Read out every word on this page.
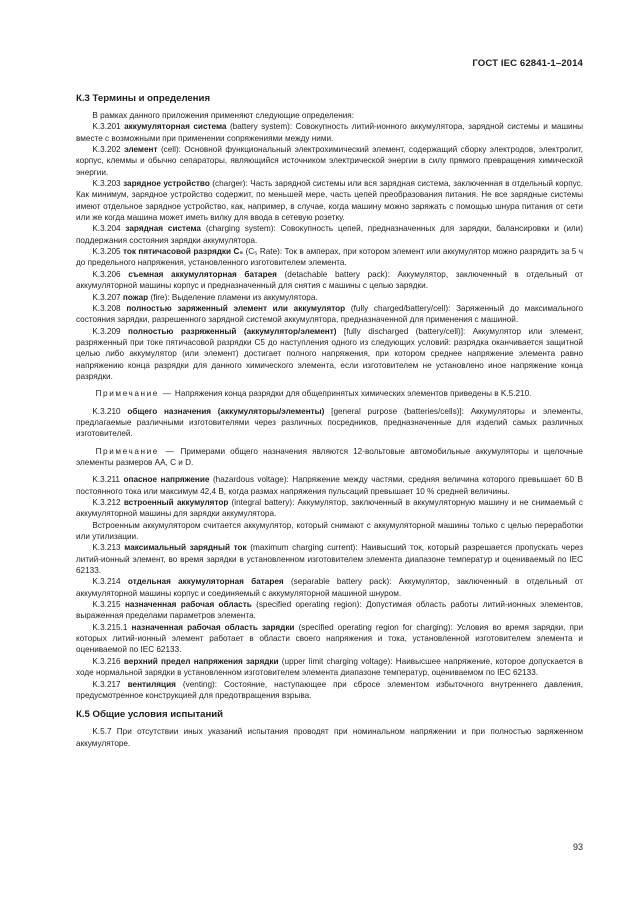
ГОСТ IEC 62841-1–2014
К.3 Термины и определения

  В рамках данного приложения применяют следующие определения:

  K.3.201 аккумуляторная система (battery system): Совокупность литий-ионного аккумулятора, зарядной системы и машины вместе с возможными при применении сопряжениями между ними.

  K.3.202 элемент (cell): Основной функциональный электрохимический элемент, содержащий сборку электродов, электролит, корпус, клеммы и обычно сепараторы, являющийся источником электрической энергии в силу прямого превращения химической энергии.

  K.3.203 зарядное устройство (charger): Часть зарядной системы или вся зарядная система, заключенная в отдельный корпус. Как минимум, зарядное устройство содержит, по меньшей мере, часть цепей преобразования питания. Не все зарядные системы имеют отдельное зарядное устройство, как, например, в случае, когда машину можно заряжать с помощью шнура питания от сети или же когда машина может иметь вилку для ввода в сетевую розетку.

  K.3.204 зарядная система (charging system): Совокупность цепей, предназначенных для зарядки, балансировки и (или) поддержания состояния зарядки аккумулятора.

  K.3.205 ток пятичасовой разрядки C₅ (C₅ Rate): Ток в амперах, при котором элемент или аккумулятор можно разрядить за 5 ч до предельного напряжения, установленного изготовителем элемента.

  K.3.206 съемная аккумуляторная батарея (detachable battery pack): Аккумулятор, заключенный в отдельный от аккумуляторной машины корпус и предназначенный для снятия с машины с целью зарядки.

  K.3.207 пожар (fire): Выделение пламени из аккумулятора.

  K.3.208 полностью заряженный элемент или аккумулятор (fully charged/battery/cell): Заряженный до максимального состояния зарядки, разрешенного зарядной системой аккумулятора, предназначенной для применения с машиной.

  K.3.209 полностью разряженный (аккумулятор/элемент) [fully discharged (battery/cell)]: Аккумулятор или элемент, разряженный при токе пятичасовой разрядки C5 до наступления одного из следующих условий: разрядка оканчивается защитной целью либо аккумулятор (или элемент) достигает полного напряжения, при котором среднее напряжение элемента равно напряжению конца разрядки для данного химического элемента, если изготовителем не установлено иное напряжение конца разрядки.

  Примечание — Напряжения конца разрядки для общепринятых химических элементов приведены в K.5.210.

  K.3.210 общего назначения (аккумуляторы/элементы) [general purpose (batteries/cells)]: Аккумуляторы и элементы, предлагаемые различными изготовителями через различных посредников, предназначенные для изделий самых различных изготовителей.

  Примечание — Примерами общего назначения являются 12-вольтовые автомобильные аккумуляторы и щелочные элементы размеров АА, С и D.

  K.3.211 опасное напряжение (hazardous voltage): Напряжение между частями, средняя величина которого превышает 60 В постоянного тока или максимум 42,4 В, когда размах напряжения пульсаций превышает 10 % средней величины.

  K.3.212 встроенный аккумулятор (integral battery): Аккумулятор, заключенный в аккумуляторную машину и не снимаемый с аккумуляторной машины для зарядки аккумулятора.

  Встроенным аккумулятором считается аккумулятор, который снимают с аккумуляторной машины только с целью переработки или утилизации.

  K.3.213 максимальный зарядный ток (maximum charging current): Наивысший ток, который разрешается пропускать через литий-ионный элемент, во время зарядки в установленном изготовителем элемента диапазоне температур и оцениваемый по IEC 62133.

  K.3.214 отдельная аккумуляторная батарея (separable battery pack): Аккумулятор, заключенный в отдельный от аккумуляторной машины корпус и соединяемый с аккумуляторной машиной шнуром.

  K.3.215 назначенная рабочая область (specified operating region): Допустимая область работы литий-ионных элементов, выраженная пределами параметров элемента.

  K.3.215.1 назначенная рабочая область зарядки (specified operating region for charging): Условия во время зарядки, при которых литий-ионный элемент работает в области своего напряжения и тока, установленной изготовителем элемента и оцениваемой по IEC 62133.

  K.3.216 верхний предел напряжения зарядки (upper limit charging voltage): Наивысшее напряжение, которое допускается в ходе нормальной зарядки в установленном изготовителем элемента диапазоне температур, оцениваемом по IEC 62133.

  K.3.217 вентиляция (venting): Состояние, наступающее при сбросе элементом избыточного внутреннего давления, предусмотренное конструкцией для предотвращения взрыва.

К.5 Общие условия испытаний

  K.5.7 При отсутствии иных указаний испытания проводят при номинальном напряжении и при полностью заряженном аккумуляторе.

93
